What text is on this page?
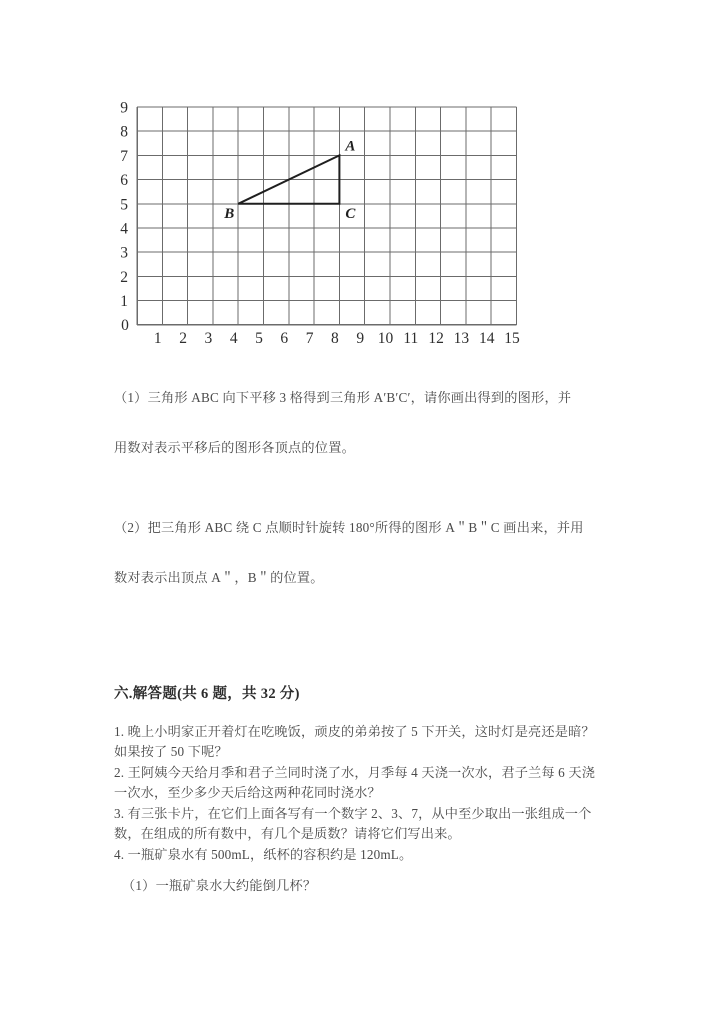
1 2 3 4 5 6 7 8 9 10 11 12 13 14 15
0
1
2
3
4
5
6
7
8
9
A
B	C
（1）三角形 ABC 向下平移 3 格得到三角形 A′B′C′，请你画出得到的图形，并
用数对表示平移后的图形各顶点的位置。
（2）把三角形 ABC 绕 C 点顺时针旋转 180°所得的图形 A＂B＂C 画出来，并用
数对表示出顶点 A＂，B＂的位置。
六.解答题(共 6 题，共 32 分)

1. 晚上小明家正开着灯在吃晚饭，顽皮的弟弟按了 5 下开关，这时灯是亮还是暗？如果按了 50 下呢？

2. 王阿姨今天给月季和君子兰同时浇了水，月季每 4 天浇一次水，君子兰每 6 天浇一次水，至少多少天后给这两种花同时浇水？

3. 有三张卡片，在它们上面各写有一个数字 2、3、7，从中至少取出一张组成一个数，在组成的所有数中，有几个是质数？请将它们写出来。

4. 一瓶矿泉水有 500mL，纸杯的容积约是 120mL。

（1）一瓶矿泉水大约能倒几杯？
